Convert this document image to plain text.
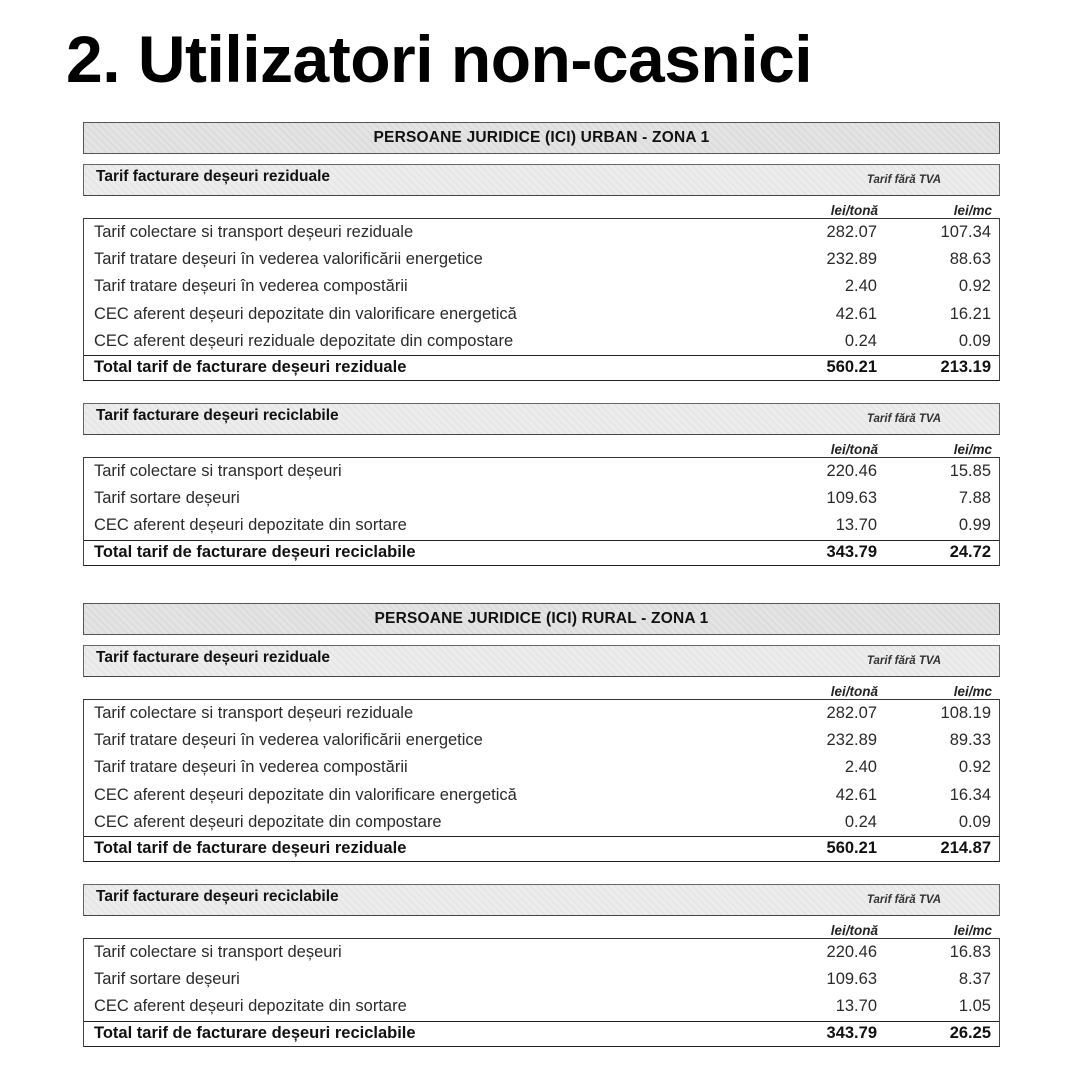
2. Utilizatori non-casnici
PERSOANE JURIDICE (ICI) URBAN - ZONA 1
Tarif facturare deșeuri reziduale	Tarif fără TVA
lei/tonă	lei/mc
Tarif colectare si transport deșeuri reziduale	282.07	107.34
Tarif tratare deșeuri în vederea valorificării energetice	232.89	88.63
Tarif tratare deșeuri în vederea compostării	2.40	0.92
CEC aferent deșeuri depozitate din valorificare energetică	42.61	16.21
CEC aferent deșeuri reziduale depozitate din compostare	0.24	0.09
Total tarif de facturare deșeuri reziduale	560.21	213.19
Tarif facturare deșeuri reciclabile	Tarif fără TVA
lei/tonă	lei/mc
Tarif colectare si transport deșeuri	220.46	15.85
Tarif sortare deșeuri	109.63	7.88
CEC aferent deșeuri depozitate din sortare	13.70	0.99
Total tarif de facturare deșeuri reciclabile	343.79	24.72
PERSOANE JURIDICE (ICI) RURAL - ZONA 1
Tarif facturare deșeuri reziduale	Tarif fără TVA
lei/tonă	lei/mc
Tarif colectare si transport deșeuri reziduale	282.07	108.19
Tarif tratare deșeuri în vederea valorificării energetice	232.89	89.33
Tarif tratare deșeuri în vederea compostării	2.40	0.92
CEC aferent deșeuri depozitate din valorificare energetică	42.61	16.34
CEC aferent deșeuri depozitate din compostare	0.24	0.09
Total tarif de facturare deșeuri reziduale	560.21	214.87
Tarif facturare deșeuri reciclabile	Tarif fără TVA
lei/tonă	lei/mc
Tarif colectare si transport deșeuri	220.46	16.83
Tarif sortare deșeuri	109.63	8.37
CEC aferent deșeuri depozitate din sortare	13.70	1.05
Total tarif de facturare deșeuri reciclabile	343.79	26.25
